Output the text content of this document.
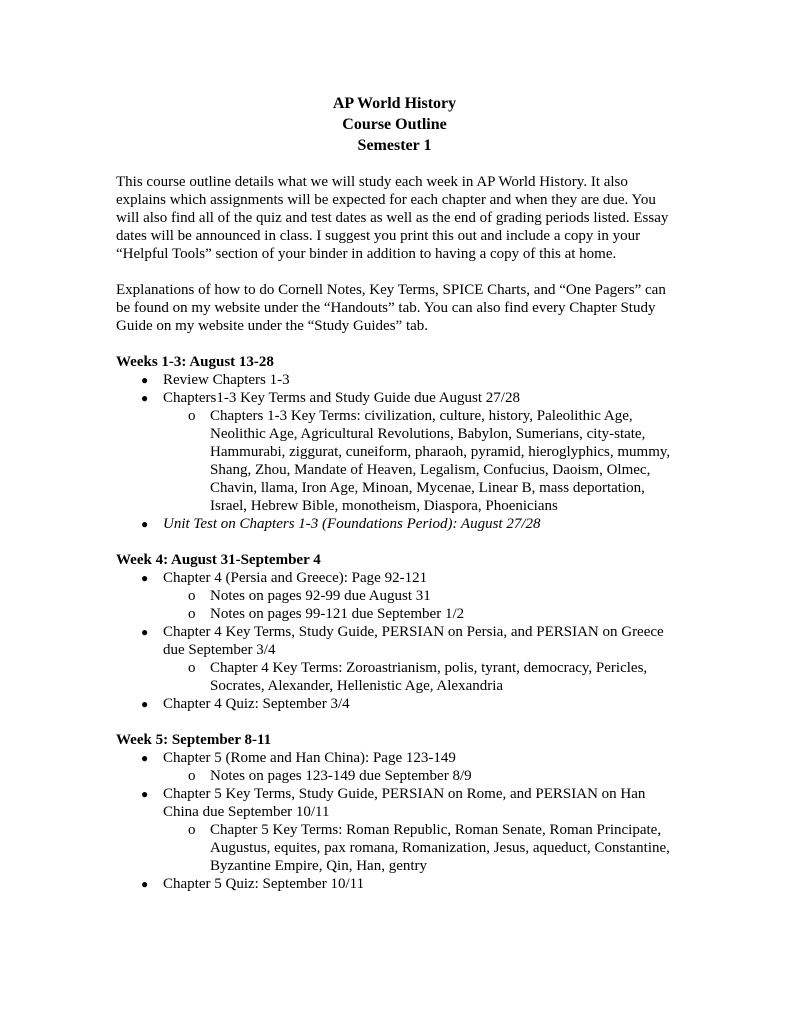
AP World History
Course Outline
Semester 1

This course outline details what we will study each week in AP World History. It also explains which assignments will be expected for each chapter and when they are due. You will also find all of the quiz and test dates as well as the end of grading periods listed. Essay dates will be announced in class. I suggest you print this out and include a copy in your “Helpful Tools” section of your binder in addition to having a copy of this at home.

Explanations of how to do Cornell Notes, Key Terms, SPICE Charts, and “One Pagers” can be found on my website under the “Handouts” tab. You can also find every Chapter Study Guide on my website under the “Study Guides” tab.

Weeks 1-3: August 13-28
● Review Chapters 1-3
● Chapters1-3 Key Terms and Study Guide due August 27/28
o Chapters 1-3 Key Terms: civilization, culture, history, Paleolithic Age, Neolithic Age, Agricultural Revolutions, Babylon, Sumerians, city-state, Hammurabi, ziggurat, cuneiform, pharaoh, pyramid, hieroglyphics, mummy, Shang, Zhou, Mandate of Heaven, Legalism, Confucius, Daoism, Olmec, Chavin, llama, Iron Age, Minoan, Mycenae, Linear B, mass deportation, Israel, Hebrew Bible, monotheism, Diaspora, Phoenicians
● Unit Test on Chapters 1-3 (Foundations Period): August 27/28
Week 4: August 31-September 4
● Chapter 4 (Persia and Greece): Page 92-121
o Notes on pages 92-99 due August 31
o Notes on pages 99-121 due September 1/2
● Chapter 4 Key Terms, Study Guide, PERSIAN on Persia, and PERSIAN on Greece due September 3/4
o Chapter 4 Key Terms: Zoroastrianism, polis, tyrant, democracy, Pericles, Socrates, Alexander, Hellenistic Age, Alexandria
● Chapter 4 Quiz: September 3/4
Week 5: September 8-11
● Chapter 5 (Rome and Han China): Page 123-149
o Notes on pages 123-149 due September 8/9
● Chapter 5 Key Terms, Study Guide, PERSIAN on Rome, and PERSIAN on Han China due September 10/11
o Chapter 5 Key Terms: Roman Republic, Roman Senate, Roman Principate, Augustus, equites, pax romana, Romanization, Jesus, aqueduct, Constantine, Byzantine Empire, Qin, Han, gentry
● Chapter 5 Quiz: September 10/11
